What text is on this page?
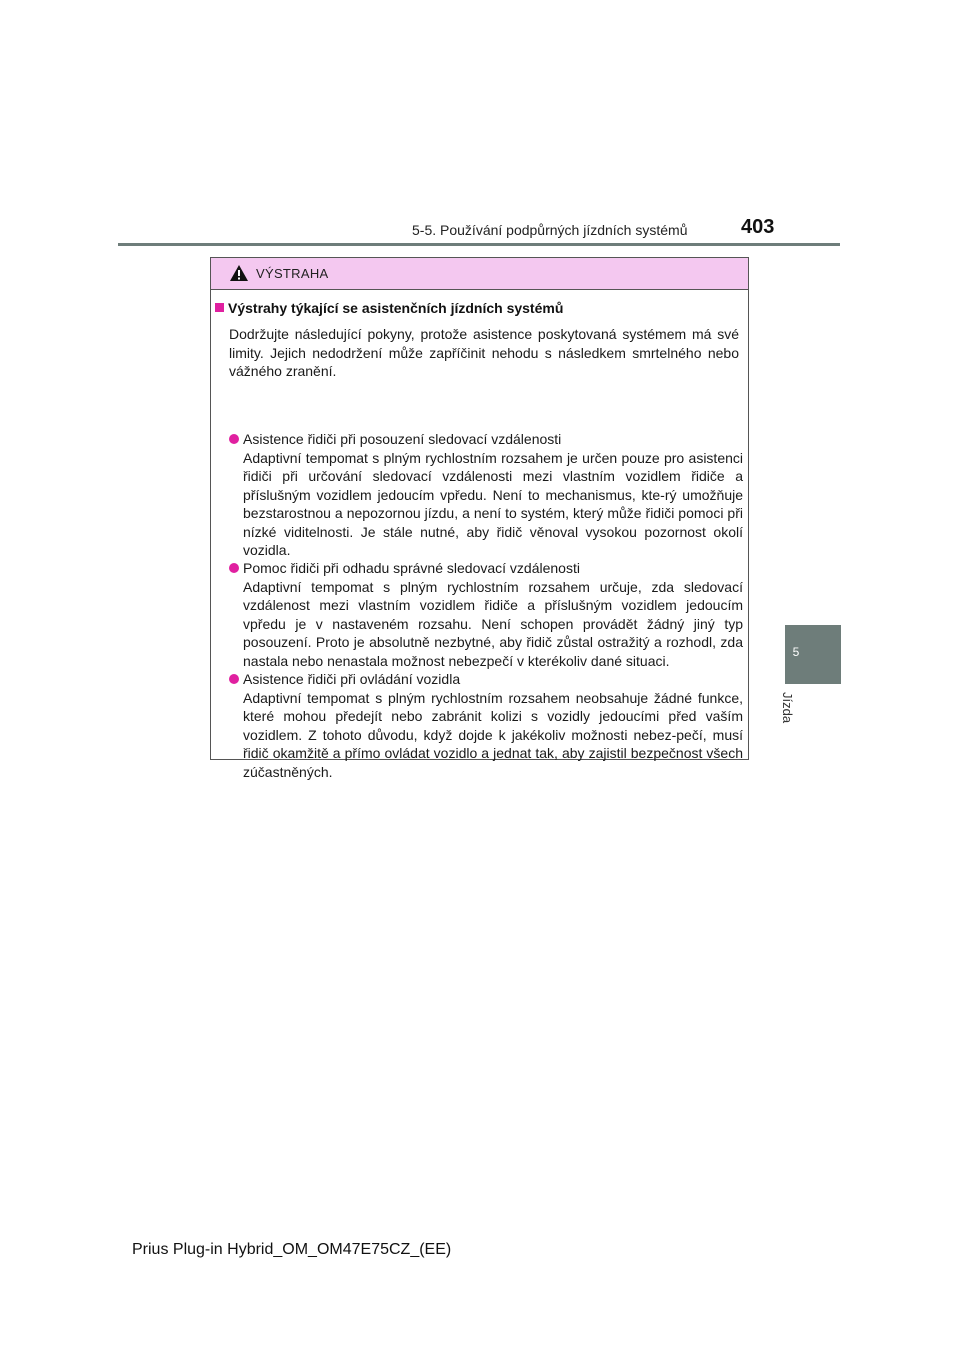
5-5. Používání podpůrných jízdních systémů	403
5
Jízda
VÝSTRAHA
Výstrahy týkající se asistenčních jízdních systémů
Dodržujte následující pokyny, protože asistence poskytovaná systémem má své limity. Jejich nedodržení může zapříčinit nehodu s následkem smrtelného nebo vážného zranění.
Asistence řidiči při posouzení sledovací vzdálenosti
Adaptivní tempomat s plným rychlostním rozsahem je určen pouze pro asistenci řidiči při určování sledovací vzdálenosti mezi vlastním vozidlem řidiče a příslušným vozidlem jedoucím vpředu. Není to mechanismus, kte-rý umožňuje bezstarostnou a nepozornou jízdu, a není to systém, který může řidiči pomoci při nízké viditelnosti. Je stále nutné, aby řidič věnoval vysokou pozornost okolí vozidla.
Pomoc řidiči při odhadu správné sledovací vzdálenosti
Adaptivní tempomat s plným rychlostním rozsahem určuje, zda sledovací vzdálenost mezi vlastním vozidlem řidiče a příslušným vozidlem jedoucím vpředu je v nastaveném rozsahu. Není schopen provádět žádný jiný typ posouzení. Proto je absolutně nezbytné, aby řidič zůstal ostražitý a rozhodl, zda nastala nebo nenastala možnost nebezpečí v kterékoliv dané situaci.
Asistence řidiči při ovládání vozidla
Adaptivní tempomat s plným rychlostním rozsahem neobsahuje žádné funkce, které mohou předejít nebo zabránit kolizi s vozidly jedoucími před vaším vozidlem. Z tohoto důvodu, když dojde k jakékoliv možnosti nebez-pečí, musí řidič okamžitě a přímo ovládat vozidlo a jednat tak, aby zajistil bezpečnost všech zúčastněných.
Prius Plug-in Hybrid_OM_OM47E75CZ_(EE)
